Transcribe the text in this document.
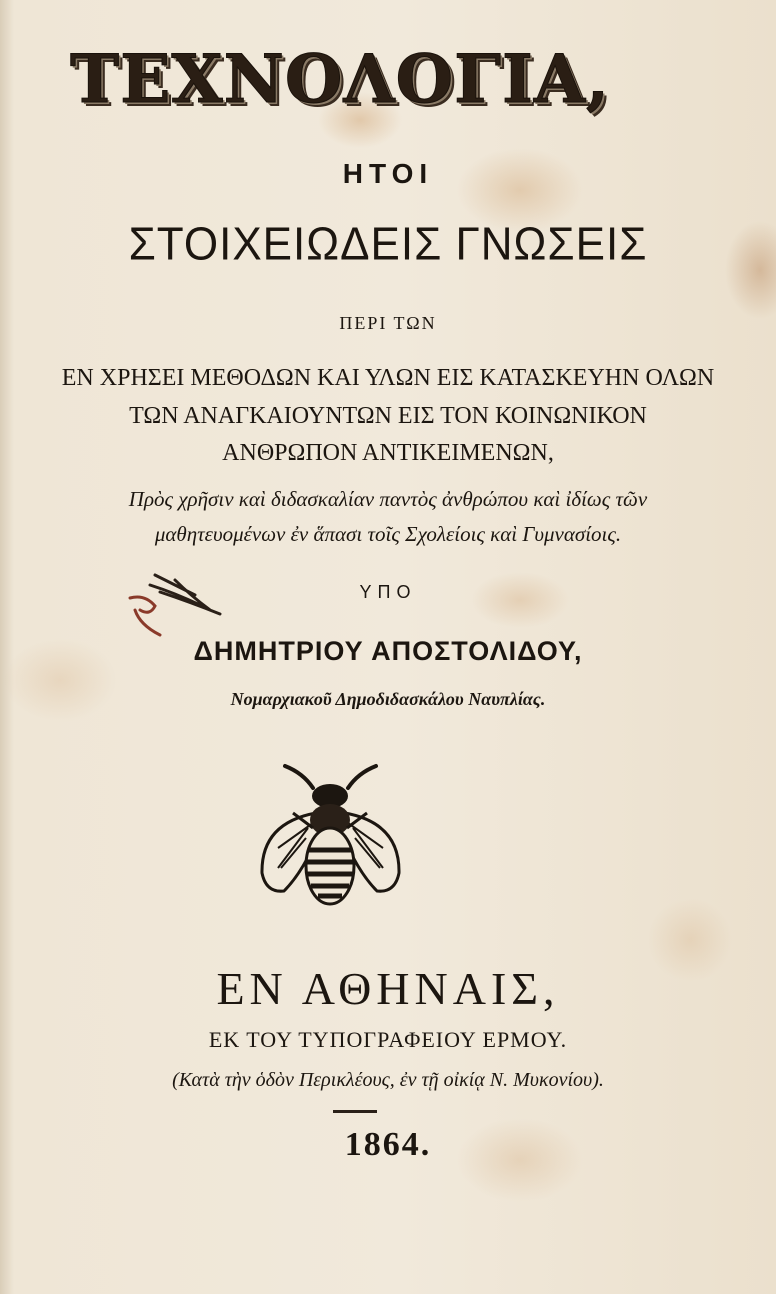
ΤΕΧΝΟΛΟΓΙΑ,
ΗΤΟΙ
ΣΤΟΙΧΕΙΩΔΕΙΣ ΓΝΩΣΕΙΣ
ΠΕΡΙ ΤΩΝ
ΕΝ ΧΡΗΣΕΙ ΜΕΘΟΔΩΝ ΚΑΙ ΥΛΩΝ ΕΙΣ ΚΑΤΑΣΚΕΥΗΝ ΟΛΩΝ
ΤΩΝ ΑΝΑΓΚΑΙΟΥΝΤΩΝ ΕΙΣ ΤΟΝ ΚΟΙΝΩΝΙΚΟΝ
ΑΝΘΡΩΠΟΝ ΑΝΤΙΚΕΙΜΕΝΩΝ,
Πρὸς χρῆσιν καὶ διδασκαλίαν παντὸς ἀνθρώπου καὶ ἰδίως τῶν
μαθητευομένων ἐν ἅπασι τοῖς Σχολείοις καὶ Γυμνασίοις.
ΥΠΟ
ΔΗΜΗΤΡΙΟΥ ΑΠΟΣΤΟΛΙΔΟΥ,
Νομαρχιακοῦ Δημοδιδασκάλου Ναυπλίας.
ΕΝ ΑΘΗΝΑΙΣ,
ΕΚ ΤΟΥ ΤΥΠΟΓΡΑΦΕΙΟΥ ΕΡΜΟΥ.
(Κατὰ τὴν ὁδὸν Περικλέους, ἐν τῇ οἰκίᾳ Ν. Μυκονίου).
1864.
